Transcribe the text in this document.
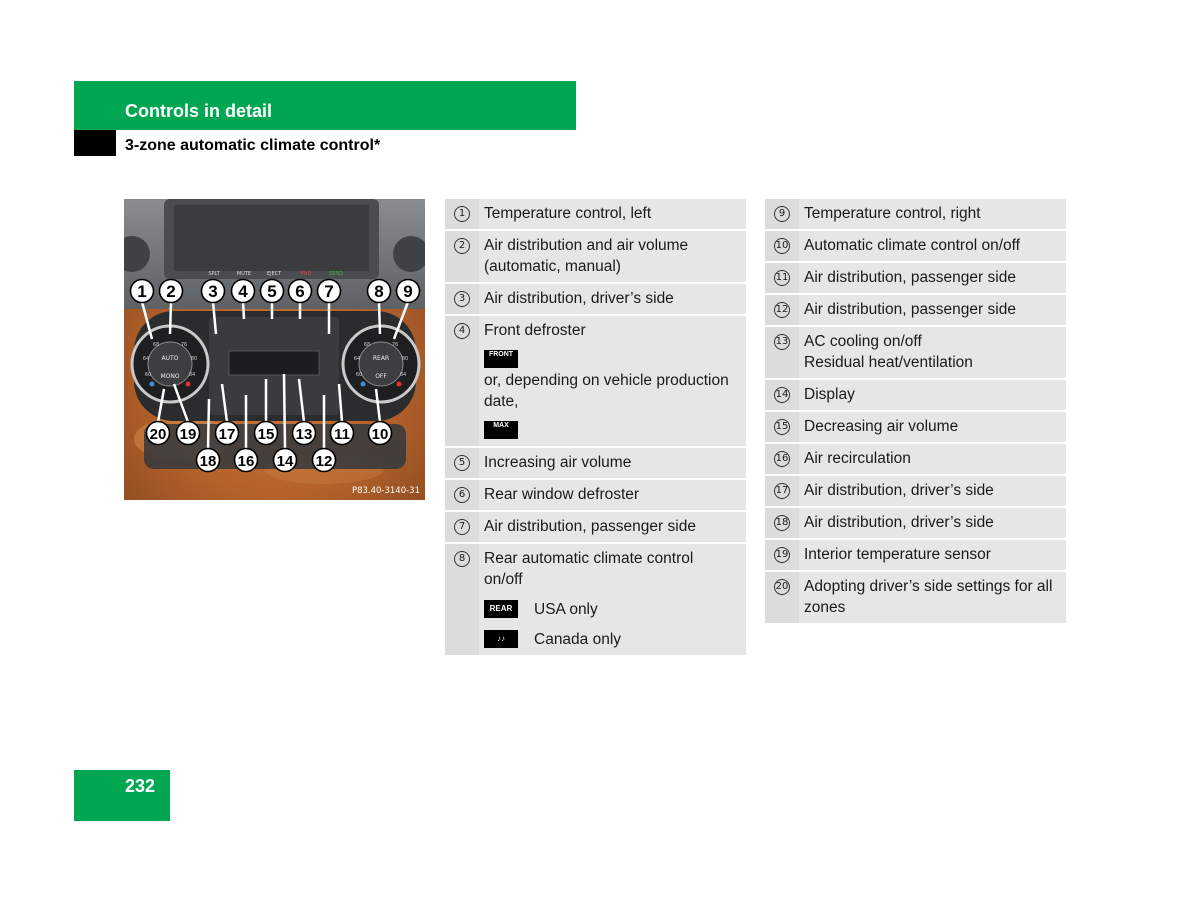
Controls in detail
3-zone automatic climate control*
SPLT	MUTE	EJECT	END	SEND
AUTO
MONO
68	76
64	80
60	84
REAR
OFF
68	76
64	80
60	84
1 2 3 4 5 6 7 8 9
20 19 17 15 13 11 10
18 16 14 12
P83.40-3140-31
1	Temperature control, left
2	Air distribution and air volume
(automatic, manual)
3	Air distribution, driver’s side
4	Front defroster
FRONT
or, depending on vehicle production
date,
MAX
5	Increasing air volume
6	Rear window defroster
7	Air distribution, passenger side
8	Rear automatic climate control
on/off
REAR	USA only
♪♪	Canada only
9	Temperature control, right
10	Automatic climate control on/off
11	Air distribution, passenger side
12	Air distribution, passenger side
13	AC cooling on/off
Residual heat/ventilation
14	Display
15	Decreasing air volume
16	Air recirculation
17	Air distribution, driver’s side
18	Air distribution, driver’s side
19	Interior temperature sensor
20	Adopting driver’s side settings for all
zones
232
